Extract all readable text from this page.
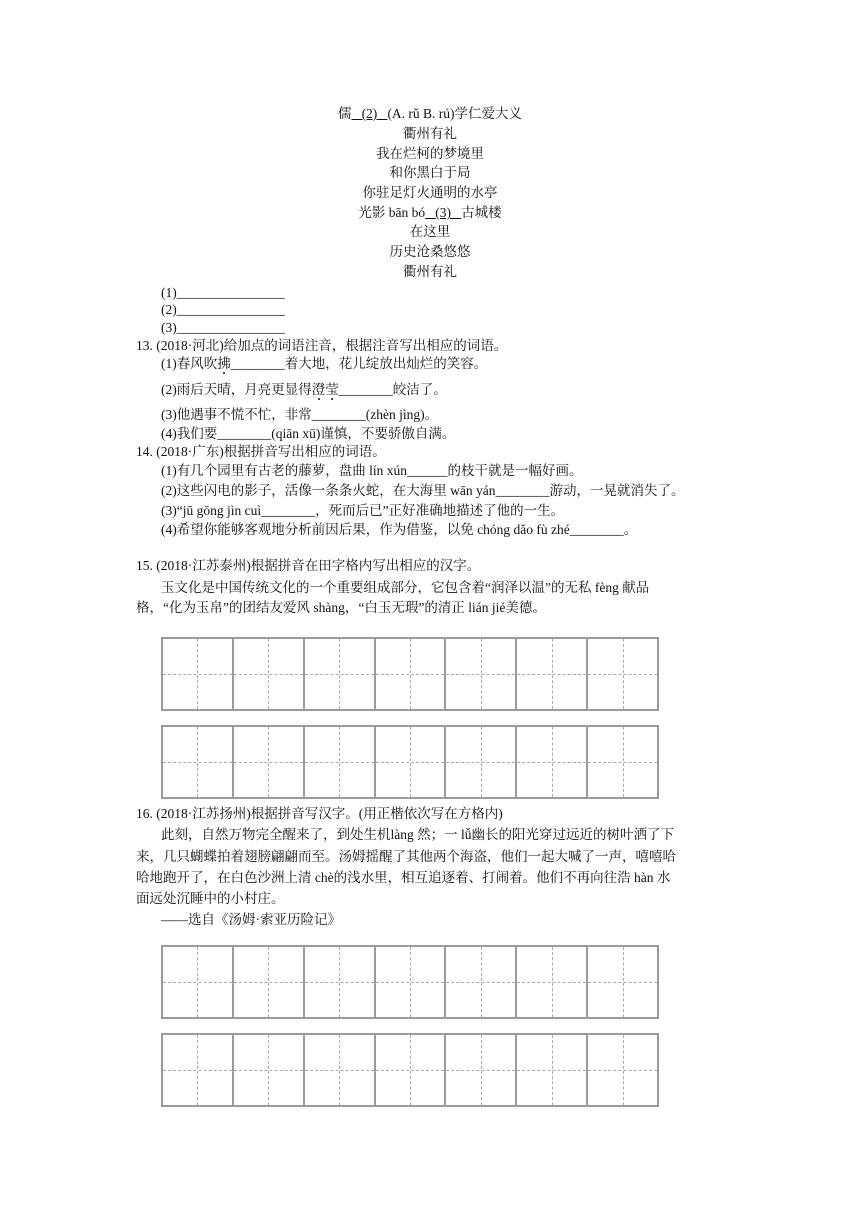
儒 (2) (A. rǔ B. rú)学仁爱大义
衢州有礼
我在烂柯的梦境里
和你黑白于局
你驻足灯火通明的水亭
光影 bān bó (3) 古城楼
在这里
历史沧桑悠悠
衢州有礼
(1)________________
(2)________________
(3)________________
13. (2018·河北)给加点的词语注音，根据注音写出相应的词语。
(1)春风吹拂________着大地，花儿绽放出灿烂的笑容。
(2)雨后天晴，月亮更显得澄莹________皎洁了。
(3)他遇事不慌不忙，非常________(zhèn jìng)。
(4)我们要________(qiān xū)谨慎，不要骄傲自满。
14. (2018·广东)根据拼音写出相应的词语。
(1)有几个园里有古老的藤萝，盘曲 lín xún______的枝干就是一幅好画。
(2)这些闪电的影子，活像一条条火蛇，在大海里 wān yán________游动，一晃就消失了。
(3)“jū gōng jìn cuì________，死而后已”正好准确地描述了他的一生。
(4)希望你能够客观地分析前因后果，作为借鉴，以免 chóng dǎo fù zhé________。
15. (2018·江苏泰州)根据拼音在田字格内写出相应的汉字。
玉文化是中国传统文化的一个重要组成部分，它包含着“润泽以温”的无私 fèng 献品
格，“化为玉帛”的团结友爱风 shàng，“白玉无瑕”的清正 lián jié美德。
16. (2018·江苏扬州)根据拼音写汉字。(用正楷依次写在方格内)
此刻，自然万物完全醒来了，到处生机làng 然；一 lǚ幽长的阳光穿过远近的树叶洒了下
来，几只蝴蝶拍着翅膀翩翩而至。汤姆摇醒了其他两个海盗，他们一起大喊了一声，嘻嘻哈
哈地跑开了，在白色沙洲上清 chè的浅水里，相互追逐着、打闹着。他们不再向往浩 hàn 水
面远处沉睡中的小村庄。
——选自《汤姆·索亚历险记》
